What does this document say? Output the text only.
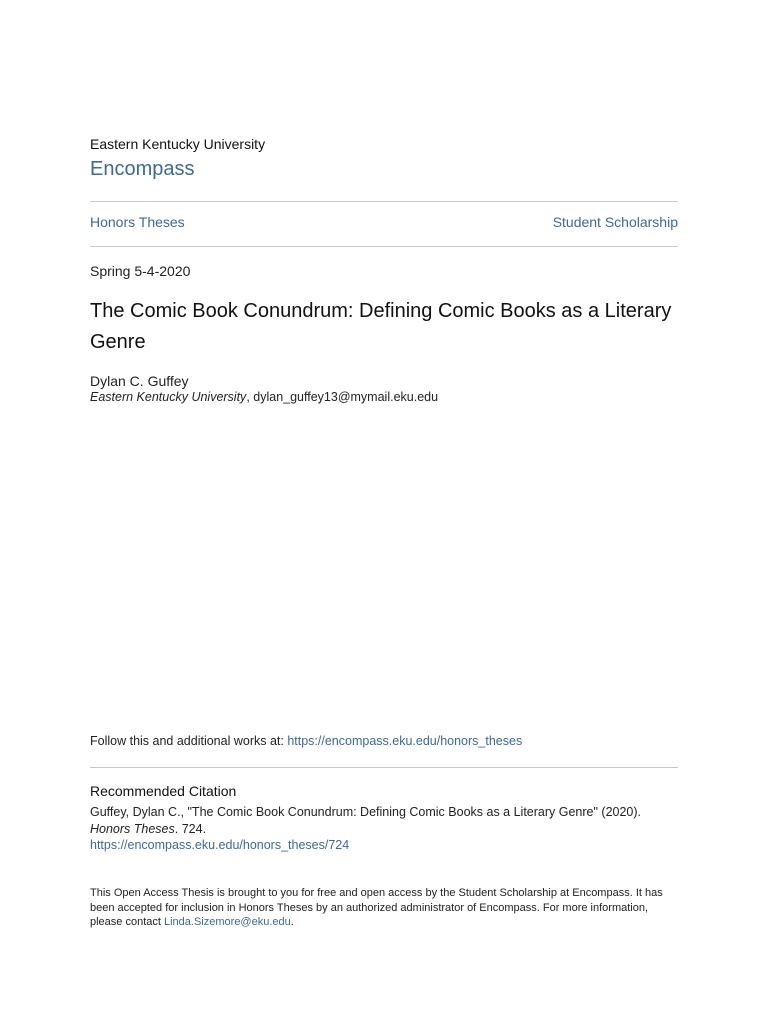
Eastern Kentucky University
Encompass
Honors Theses	Student Scholarship
Spring 5-4-2020
The Comic Book Conundrum: Defining Comic Books as a Literary Genre
Dylan C. Guffey
Eastern Kentucky University, dylan_guffey13@mymail.eku.edu
Follow this and additional works at: https://encompass.eku.edu/honors_theses
Recommended Citation
Guffey, Dylan C., "The Comic Book Conundrum: Defining Comic Books as a Literary Genre" (2020). Honors Theses. 724.
https://encompass.eku.edu/honors_theses/724
This Open Access Thesis is brought to you for free and open access by the Student Scholarship at Encompass. It has been accepted for inclusion in Honors Theses by an authorized administrator of Encompass. For more information, please contact Linda.Sizemore@eku.edu.
